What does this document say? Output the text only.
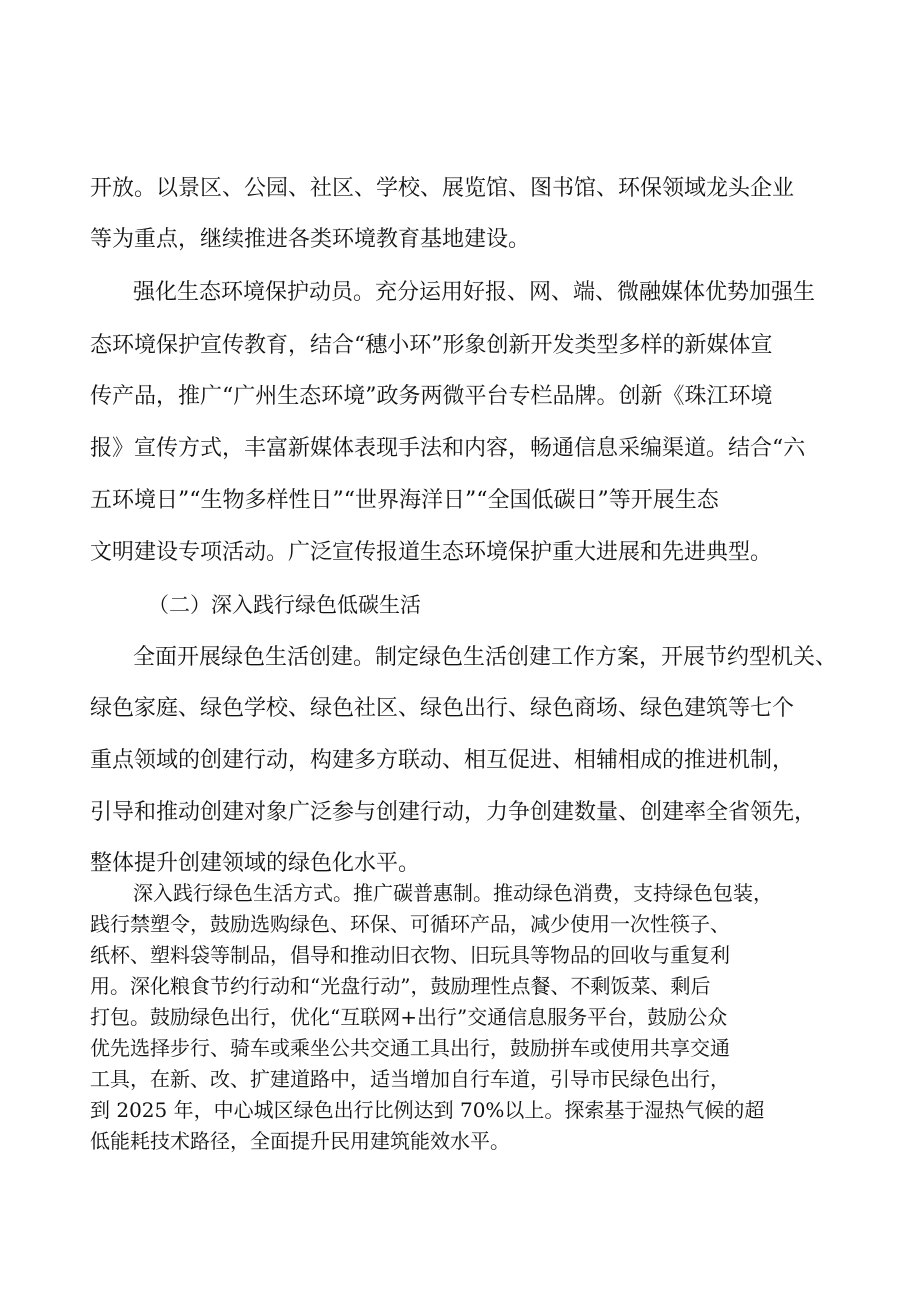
开放。以景区、公园、社区、学校、展览馆、图书馆、环保领域龙头企业
等为重点，继续推进各类环境教育基地建设。
强化生态环境保护动员。充分运用好报、网、端、微融媒体优势加强生
态环境保护宣传教育，结合“穗小环”形象创新开发类型多样的新媒体宣
传产品，推广“广州生态环境”政务两微平台专栏品牌。创新《珠江环境
报》宣传方式，丰富新媒体表现手法和内容，畅通信息采编渠道。结合“六
五环境日”“生物多样性日”“世界海洋日”“全国低碳日”等开展生态
文明建设专项活动。广泛宣传报道生态环境保护重大进展和先进典型。
（二）深入践行绿色低碳生活
全面开展绿色生活创建。制定绿色生活创建工作方案，开展节约型机关、
绿色家庭、绿色学校、绿色社区、绿色出行、绿色商场、绿色建筑等七个
重点领域的创建行动，构建多方联动、相互促进、相辅相成的推进机制，
引导和推动创建对象广泛参与创建行动，力争创建数量、创建率全省领先，
整体提升创建领域的绿色化水平。
深入践行绿色生活方式。推广碳普惠制。推动绿色消费，支持绿色包装，
践行禁塑令，鼓励选购绿色、环保、可循环产品，减少使用一次性筷子、
纸杯、塑料袋等制品，倡导和推动旧衣物、旧玩具等物品的回收与重复利
用。深化粮食节约行动和“光盘行动”，鼓励理性点餐、不剩饭菜、剩后
打包。鼓励绿色出行，优化“互联网+出行”交通信息服务平台，鼓励公众
优先选择步行、骑车或乘坐公共交通工具出行，鼓励拼车或使用共享交通
工具，在新、改、扩建道路中，适当增加自行车道，引导市民绿色出行，
到 2025 年，中心城区绿色出行比例达到 70%以上。探索基于湿热气候的超
低能耗技术路径，全面提升民用建筑能效水平。
